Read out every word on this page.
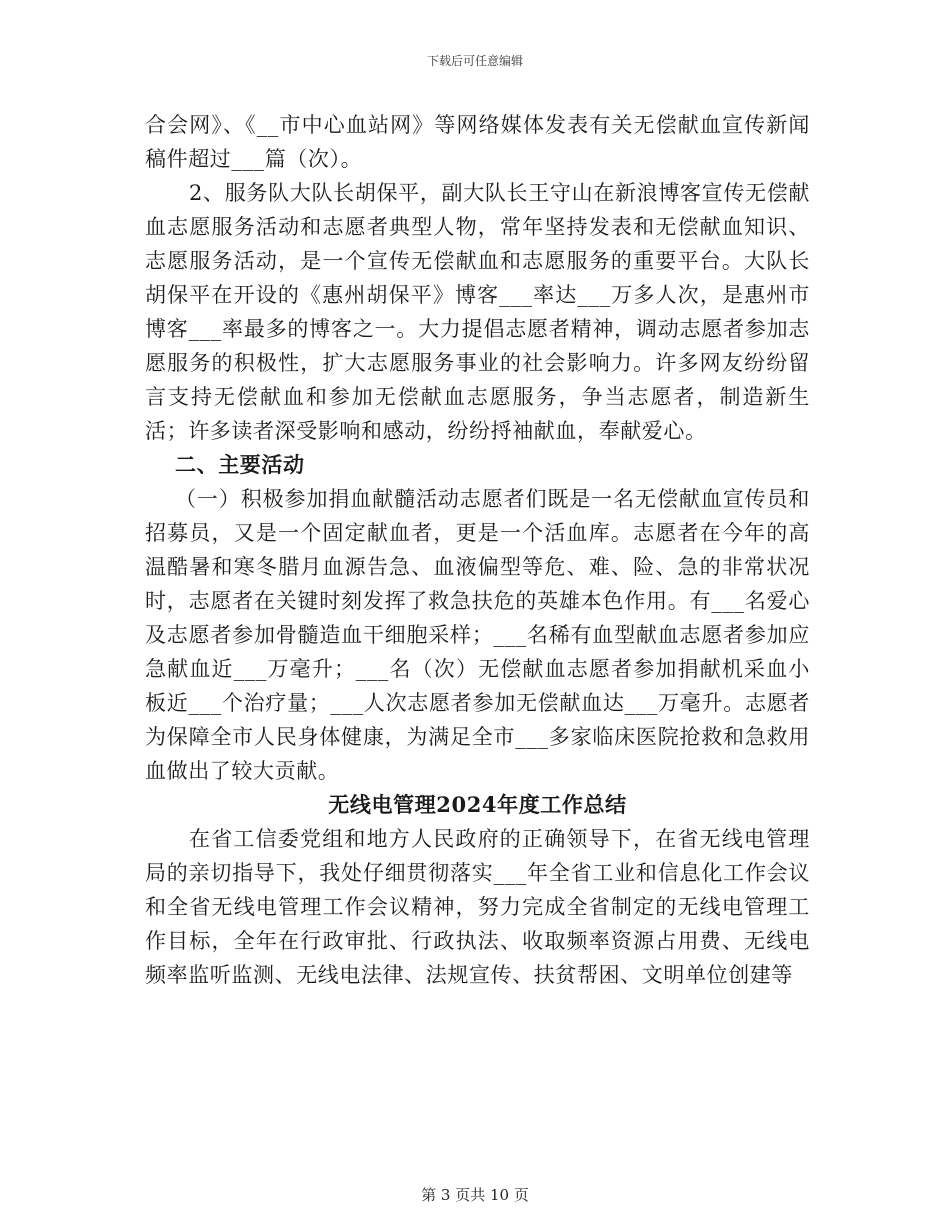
下载后可任意编辑

合会网》、《__市中心血站网》等网络媒体发表有关无偿献血宣传新闻稿件超过___篇（次）。

2、服务队大队长胡保平，副大队长王守山在新浪博客宣传无偿献血志愿服务活动和志愿者典型人物，常年坚持发表和无偿献血知识、志愿服务活动，是一个宣传无偿献血和志愿服务的重要平台。大队长胡保平在开设的《惠州胡保平》博客___率达___万多人次，是惠州市博客___率最多的博客之一。大力提倡志愿者精神，调动志愿者参加志愿服务的积极性，扩大志愿服务事业的社会影响力。许多网友纷纷留言支持无偿献血和参加无偿献血志愿服务，争当志愿者，制造新生活；许多读者深受影响和感动，纷纷捋袖献血，奉献爱心。

二、主要活动

（一）积极参加捐血献髓活动志愿者们既是一名无偿献血宣传员和招募员，又是一个固定献血者，更是一个活血库。志愿者在今年的高温酷暑和寒冬腊月血源告急、血液偏型等危、难、险、急的非常状况时，志愿者在关键时刻发挥了救急扶危的英雄本色作用。有___名爱心及志愿者参加骨髓造血干细胞采样；___名稀有血型献血志愿者参加应急献血近___万毫升；___名（次）无偿献血志愿者参加捐献机采血小板近___个治疗量；___人次志愿者参加无偿献血达___万毫升。志愿者为保障全市人民身体健康，为满足全市___多家临床医院抢救和急救用血做出了较大贡献。

无线电管理2024年度工作总结

在省工信委党组和地方人民政府的正确领导下，在省无线电管理局的亲切指导下，我处仔细贯彻落实___年全省工业和信息化工作会议和全省无线电管理工作会议精神，努力完成全省制定的无线电管理工作目标，全年在行政审批、行政执法、收取频率资源占用费、无线电频率监听监测、无线电法律、法规宣传、扶贫帮困、文明单位创建等

第 3 页共 10 页
